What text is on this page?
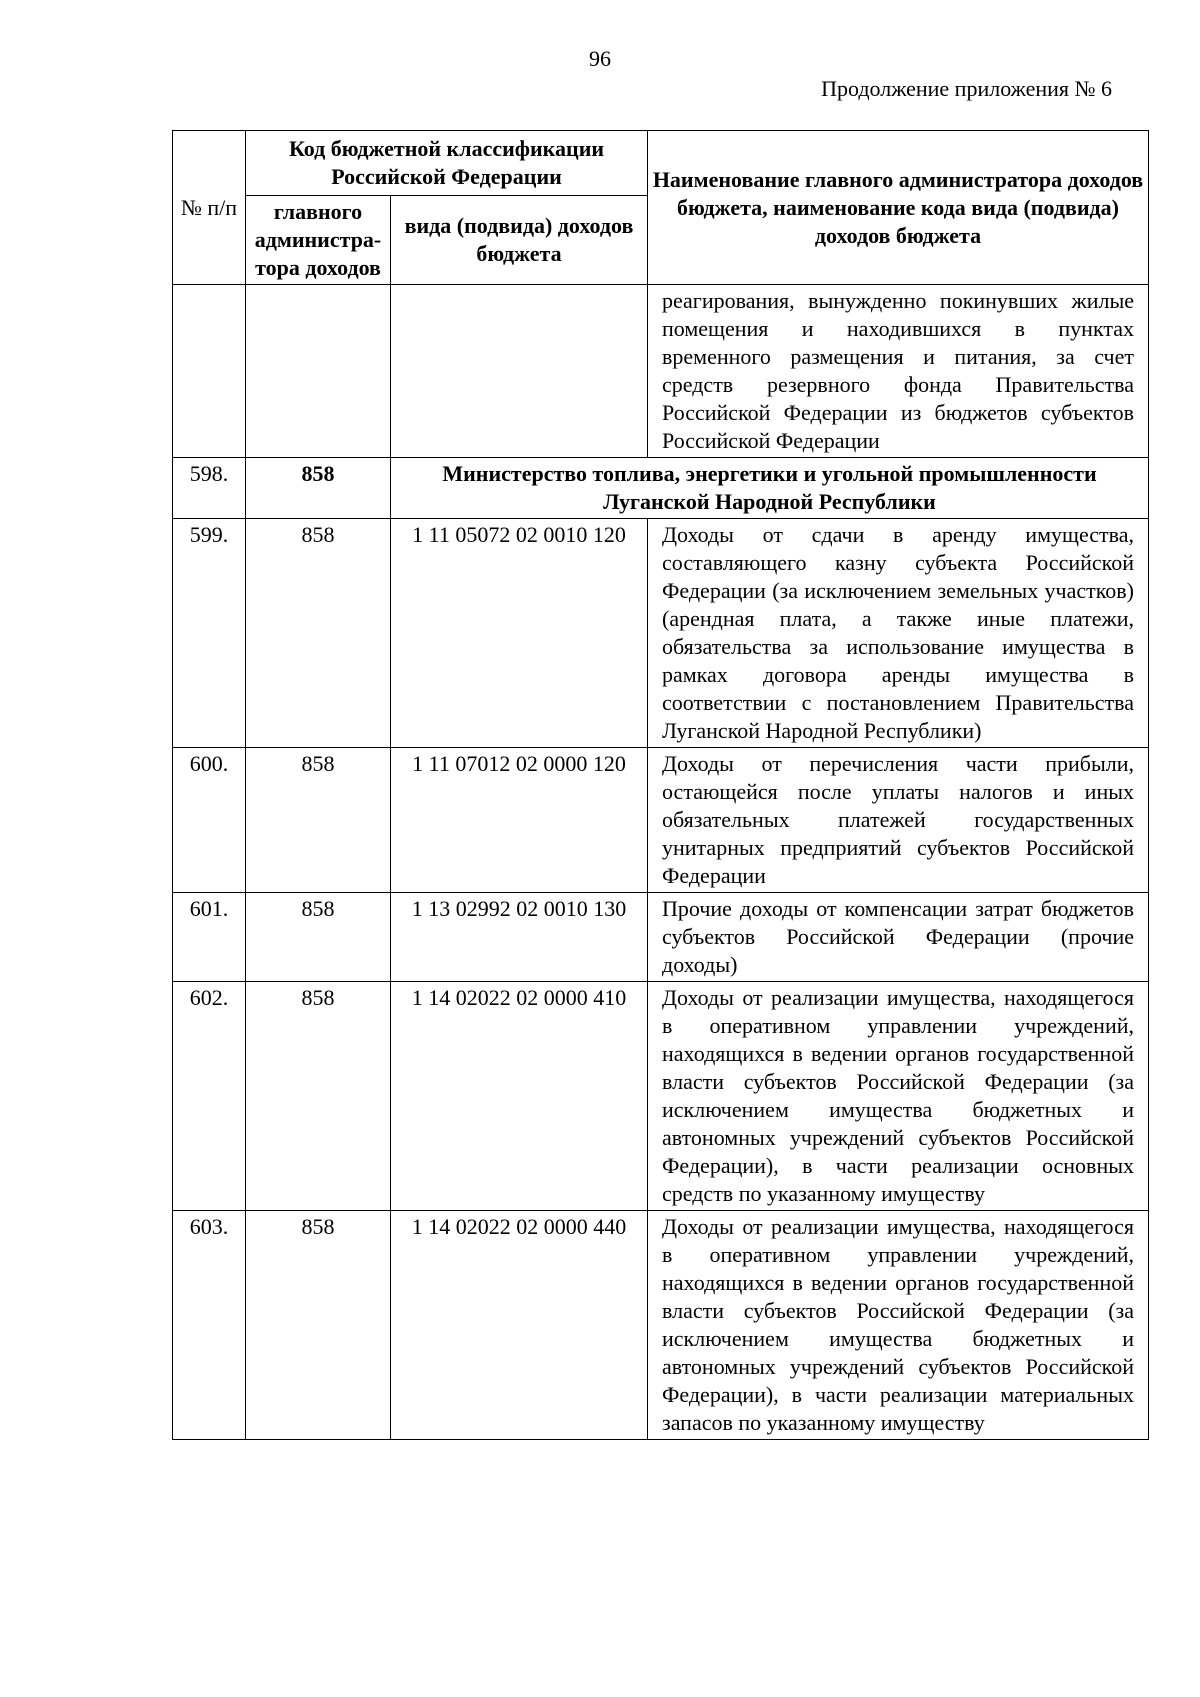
96
Продолжение приложения № 6
№ п/п	Код бюджетной классификации Российской Федерации		Наименование главного администратора доходов бюджета, наименование кода вида (подвида) доходов бюджета
	главного администра-тора доходов	вида (подвида) доходов бюджета	
			реагирования, вынужденно покинувших жилые помещения и находившихся в пунктах временного размещения и питания, за счет средств резервного фонда Правительства Российской Федерации из бюджетов субъектов Российской Федерации
598.	858	Министерство топлива, энергетики и угольной промышленности Луганской Народной Республики	
599.	858	1 11 05072 02 0010 120	Доходы от сдачи в аренду имущества, составляющего казну субъекта Российской Федерации (за исключением земельных участков) (арендная плата, а также иные платежи, обязательства за использование имущества в рамках договора аренды имущества в соответствии с постановлением Правительства Луганской Народной Республики)
600.	858	1 11 07012 02 0000 120	Доходы от перечисления части прибыли, остающейся после уплаты налогов и иных обязательных платежей государственных унитарных предприятий субъектов Российской Федерации
601.	858	1 13 02992 02 0010 130	Прочие доходы от компенсации затрат бюджетов субъектов Российской Федерации (прочие доходы)
602.	858	1 14 02022 02 0000 410	Доходы от реализации имущества, находящегося в оперативном управлении учреждений, находящихся в ведении органов государственной власти субъектов Российской Федерации (за исключением имущества бюджетных и автономных учреждений субъектов Российской Федерации), в части реализации основных средств по указанному имуществу
603.	858	1 14 02022 02 0000 440	Доходы от реализации имущества, находящегося в оперативном управлении учреждений, находящихся в ведении органов государственной власти субъектов Российской Федерации (за исключением имущества бюджетных и автономных учреждений субъектов Российской Федерации), в части реализации материальных запасов по указанному имуществу
